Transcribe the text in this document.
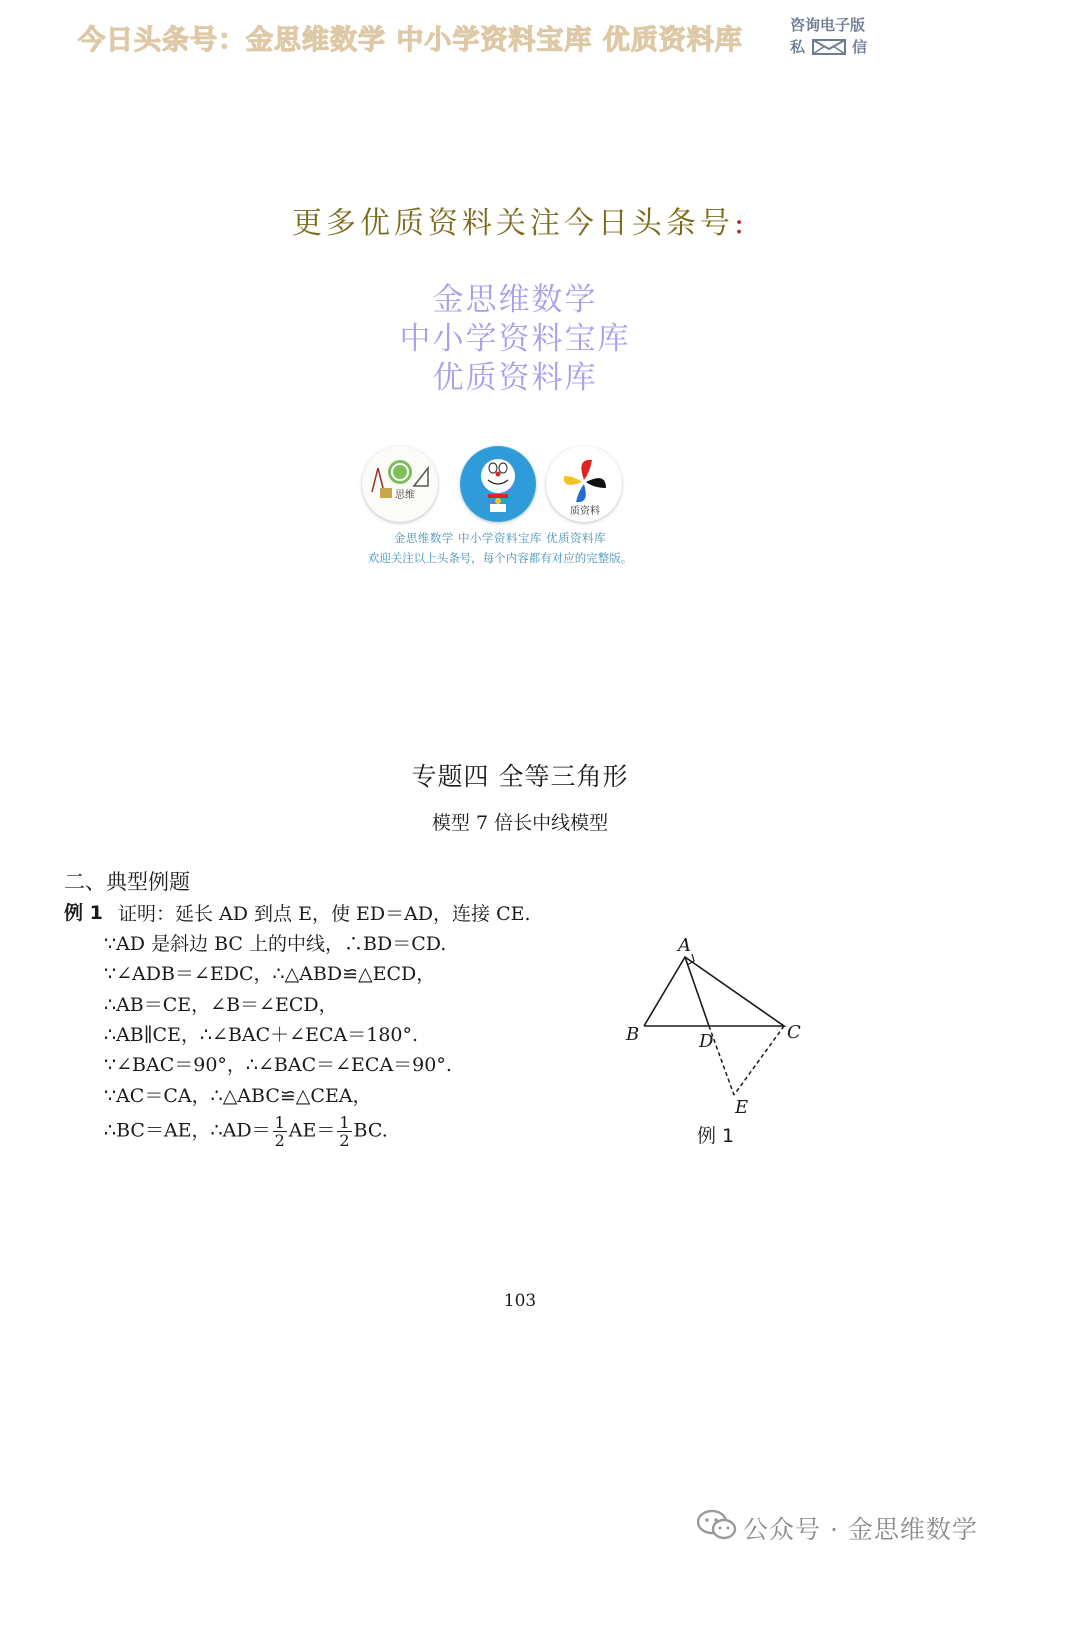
今日头条号：金思维数学 中小学资料宝库 优质资料库	咨询电子版
私	信
更多优质资料关注今日头条号:
金思维数学
中小学资料宝库
优质资料库
思维
质资料
金思维数学 中小学资料宝库 优质资料库
欢迎关注以上头条号，每个内容都有对应的完整版。
专题四 全等三角形
模型 7 倍长中线模型
二、典型例题
例 1 证明：延长 AD 到点 E，使 ED＝AD，连接 CE.
∵AD 是斜边 BC 上的中线，∴BD＝CD.
∵∠ADB＝∠EDC，∴△ABD≌△ECD，
∴AB＝CE，∠B＝∠ECD，
∴AB∥CE，∴∠BAC＋∠ECA＝180°.
∵∠BAC＝90°，∴∠BAC＝∠ECA＝90°.
∵AC＝CA，∴△ABC≌△CEA，
∴BC＝AE，∴AD＝ $\frac{1}{2} AE= \frac{1}{2}$ BC.
A
B	C
D
E
例 1
103
公众号 · 金思维数学
